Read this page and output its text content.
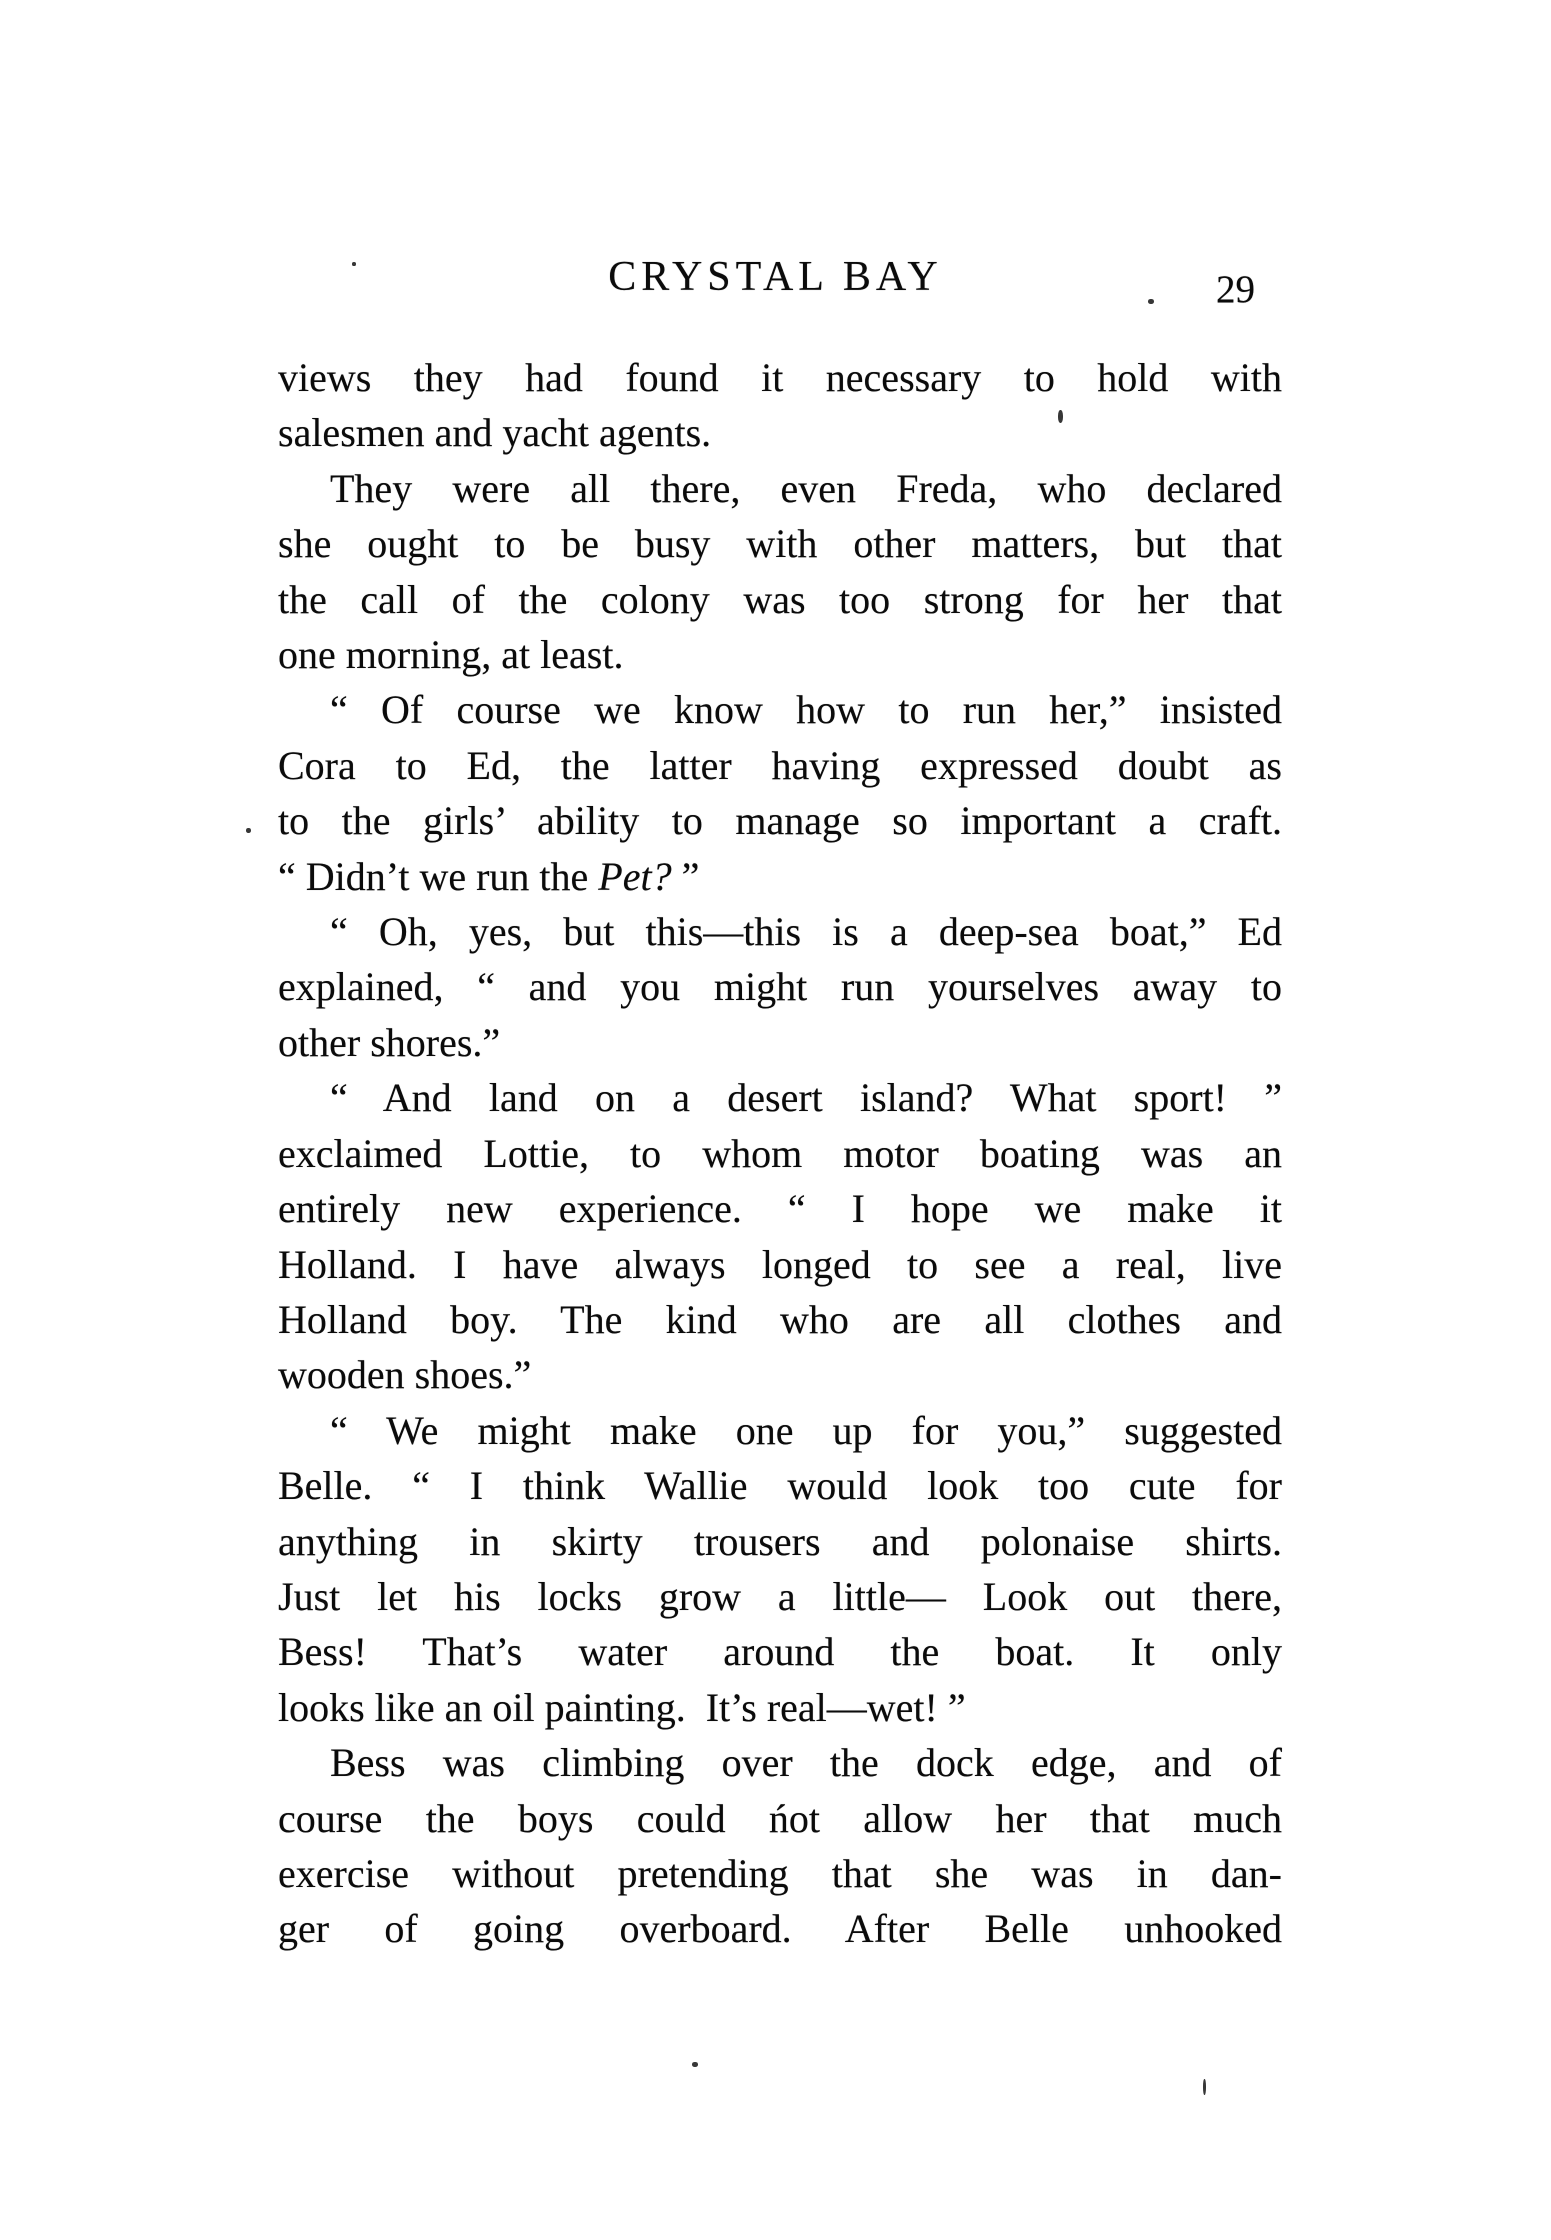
CRYSTAL BAY	29
views they had found it necessary to hold with
salesmen and yacht agents.
They were all there, even Freda, who declared
she ought to be busy with other matters, but that
the call of the colony was too strong for her that
one morning, at least.
“ Of course we know how to run her,” insisted
Cora to Ed, the latter having expressed doubt as
to the girls’ ability to manage so important a craft.
“ Didn’t we run the Pet? ”
“ Oh, yes, but this—this is a deep-sea boat,” Ed
explained, “ and you might run yourselves away to
other shores.”
“ And land on a desert island? What sport! ”
exclaimed Lottie, to whom motor boating was an
entirely new experience. “ I hope we make it
Holland. I have always longed to see a real, live
Holland boy. The kind who are all clothes and
wooden shoes.”
“ We might make one up for you,” suggested
Belle. “ I think Wallie would look too cute for
anything in skirty trousers and polonaise shirts.
Just let his locks grow a little— Look out there,
Bess! That’s water around the boat. It only
looks like an oil painting. It’s real—wet! ”
Bess was climbing over the dock edge, and of
course the boys could ńot allow her that much
exercise without pretending that she was in dan-
ger of going overboard. After Belle unhooked
